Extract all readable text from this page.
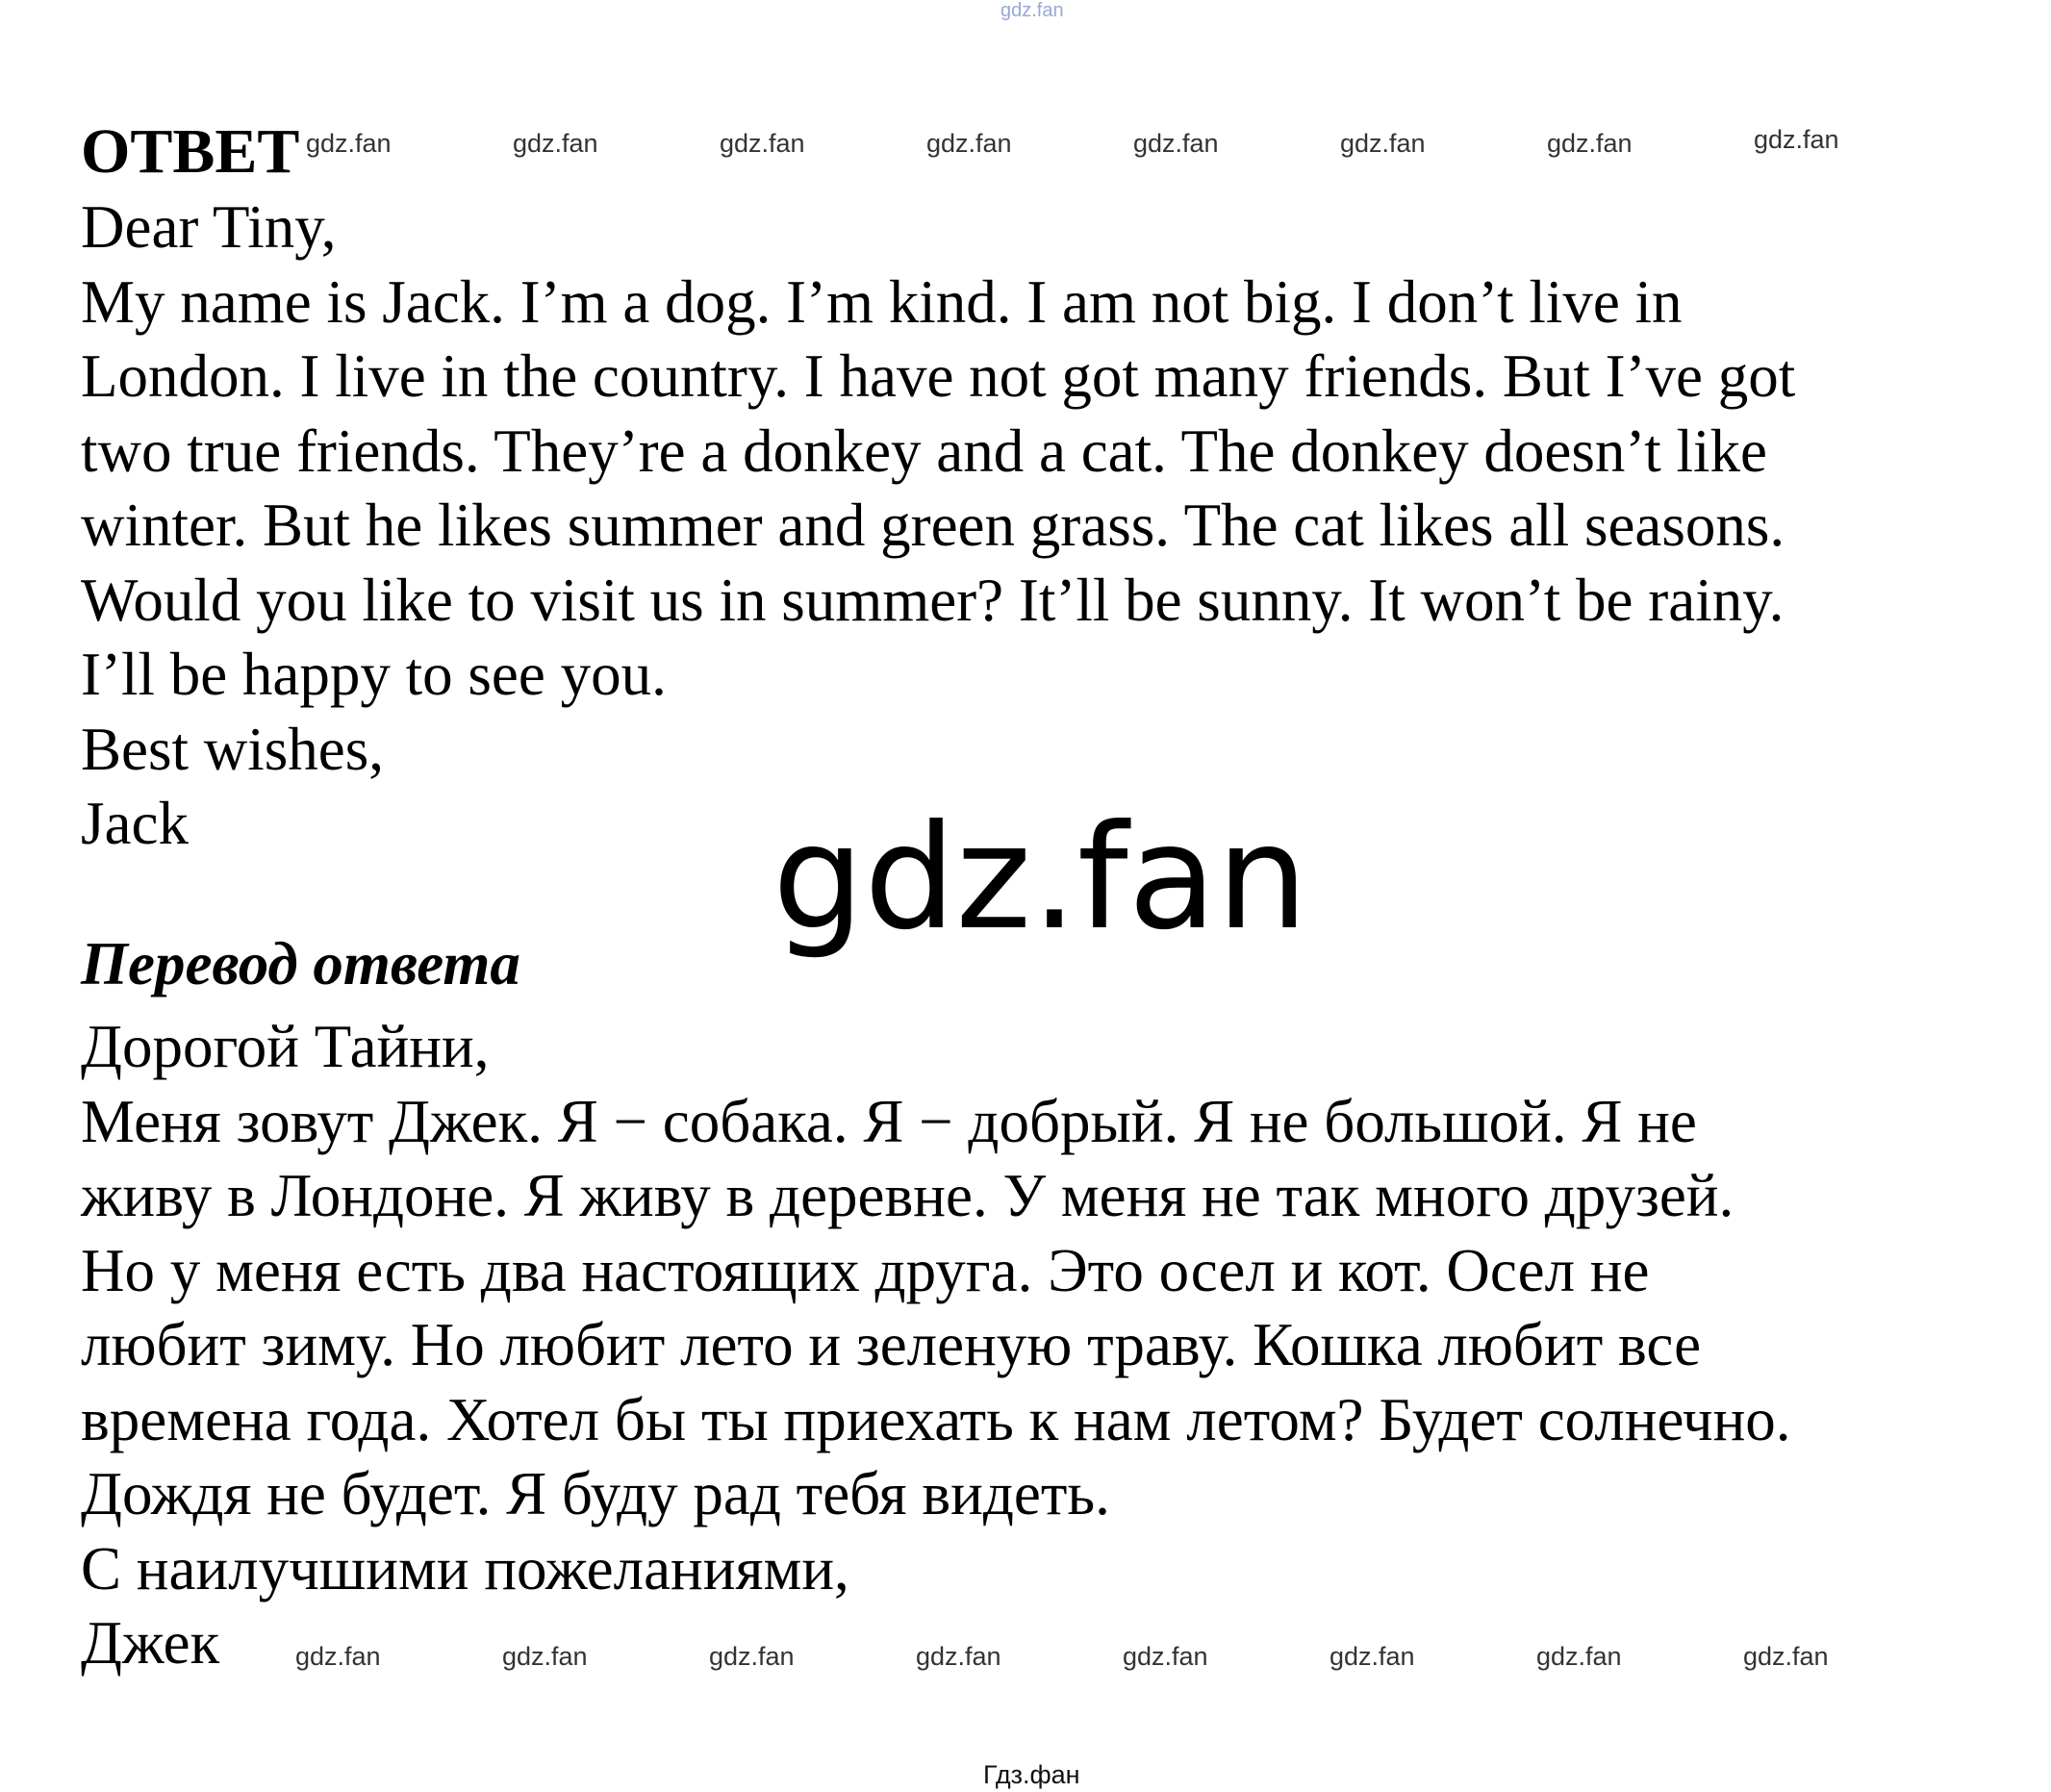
gdz.fan
gdz.fan	gdz.fan	gdz.fan	gdz.fan	gdz.fan	gdz.fan	gdz.fan	gdz.fan
ОТВЕТ
Dear Tiny,
My name is Jack. I’m a dog. I’m kind. I am not big. I don’t live in
London. I live in the country. I have not got many friends. But I’ve got
two true friends. They’re a donkey and a cat. The donkey doesn’t like
winter. But he likes summer and green grass. The cat likes all seasons.
Would you like to visit us in summer? It’ll be sunny. It won’t be rainy.
I’ll be happy to see you.
Best wishes,
Jack	gdz.fan
Перевод ответа
Дорогой Тайни,
Меня зовут Джек. Я − собака. Я − добрый. Я не большой. Я не
живу в Лондоне. Я живу в деревне. У меня не так много друзей.
Но у меня есть два настоящих друга. Это осел и кот. Осел не
любит зиму. Но любит лето и зеленую траву. Кошка любит все
времена года. Хотел бы ты приехать к нам летом? Будет солнечно.
Дождя не будет. Я буду рад тебя видеть.
С наилучшими пожеланиями,
Джек	gdz.fan	gdz.fan	gdz.fan	gdz.fan	gdz.fan	gdz.fan	gdz.fan	gdz.fan
Гдз.фан
